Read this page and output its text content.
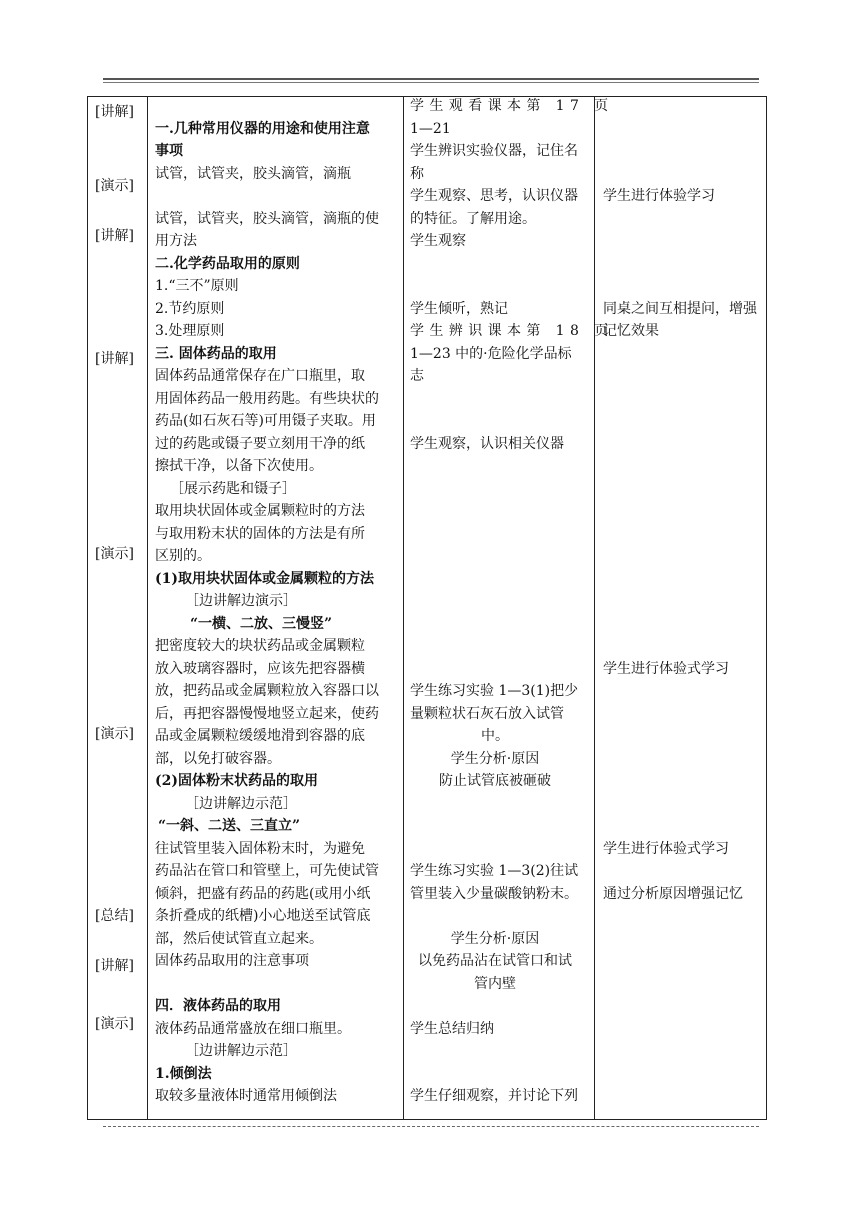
[讲解]
[演示]
[讲解]
[讲解]
[演示]
[演示]
[总结]
[讲解]
[演示]
一.几种常用仪器的用途和使用注意
事项
试管，试管夹，胶头滴管，滴瓶
试管，试管夹，胶头滴管，滴瓶的使
用方法
二.化学药品取用的原则
1.“三不”原则
2.节约原则
3.处理原则
三. 固体药品的取用
固体药品通常保存在广口瓶里，取
用固体药品一般用药匙。有些块状的
药品(如石灰石等)可用镊子夹取。用
过的药匙或镊子要立刻用干净的纸
擦拭干净，以备下次使用。
［展示药匙和镊子］
取用块状固体或金属颗粒时的方法
与取用粉末状的固体的方法是有所
区别的。
(1)取用块状固体或金属颗粒的方法
［边讲解边演示］
“一横、二放、三慢竖”
把密度较大的块状药品或金属颗粒
放入玻璃容器时，应该先把容器横
放，把药品或金属颗粒放入容器口以
后，再把容器慢慢地竖立起来，使药
品或金属颗粒缓缓地滑到容器的底
部，以免打破容器。
(2)固体粉末状药品的取用
［边讲解边示范］
“一斜、二送、三直立”
往试管里装入固体粉末时，为避免
药品沾在管口和管壁上，可先使试管
倾斜，把盛有药品的药匙(或用小纸
条折叠成的纸槽)小心地送至试管底
部，然后使试管直立起来。
固体药品取用的注意事项
四．液体药品的取用
液体药品通常盛放在细口瓶里。
［边讲解边示范］
1.倾倒法
取较多量液体时通常用倾倒法
学生观看课本第 17 页
1—21
学生辨识实验仪器，记住名
称
学生观察、思考，认识仪器
的特征。了解用途。
学生观察
学生倾听，熟记
学生辨识课本第 18 页
1—23 中的·危险化学品标
志
学生观察，认识相关仪器
学生练习实验 1—3(1)把少
量颗粒状石灰石放入试管
中。
学生分析·原因
防止试管底被砸破
学生练习实验 1—3(2)往试
管里装入少量碳酸钠粉末。
学生分析·原因
以免药品沾在试管口和试
管内壁
学生总结归纳
学生仔细观察，并讨论下列
学生进行体验学习
同桌之间互相提问，增强
记忆效果
学生进行体验式学习
学生进行体验式学习
通过分析原因增强记忆
